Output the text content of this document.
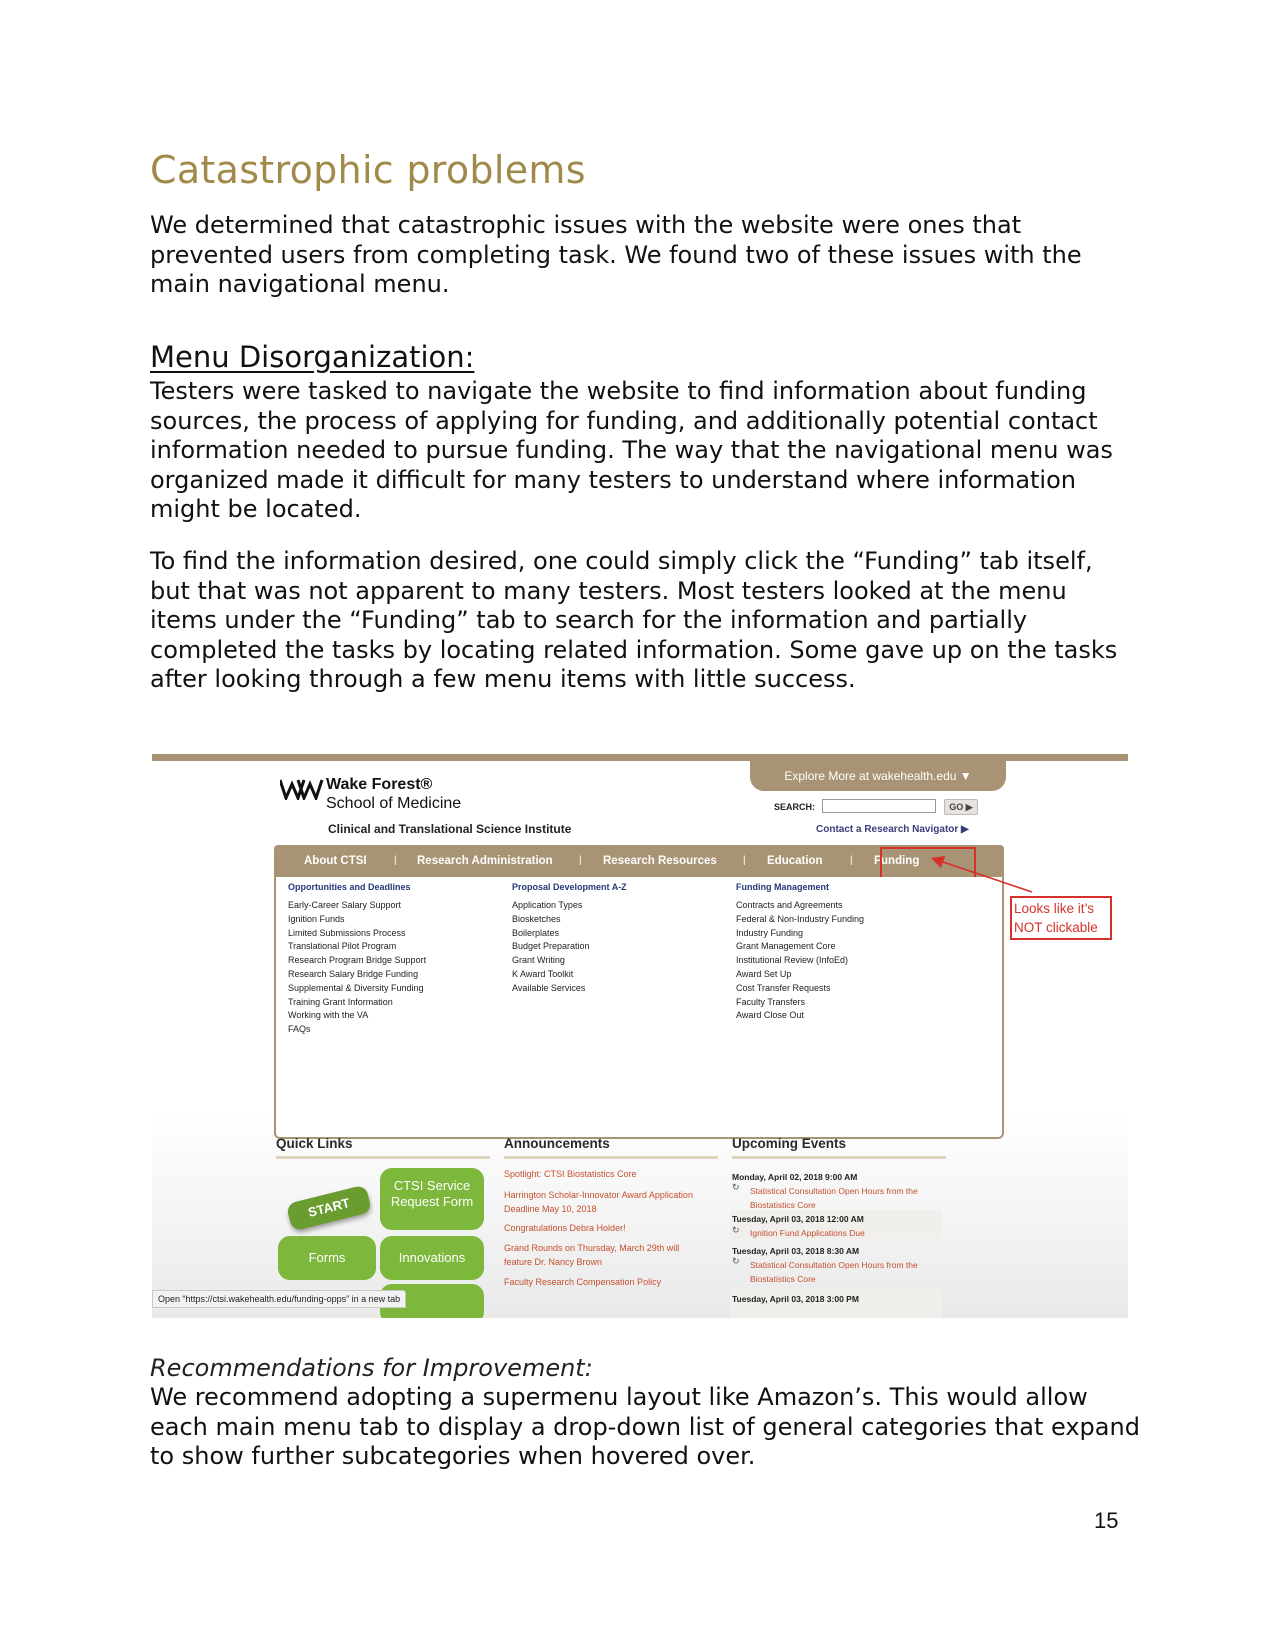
Catastrophic problems

We determined that catastrophic issues with the website were ones that prevented users from completing task. We found two of these issues with the main navigational menu.

Menu Disorganization:

Testers were tasked to navigate the website to find information about funding sources, the process of applying for funding, and additionally potential contact information needed to pursue funding. The way that the navigational menu was organized made it difficult for many testers to understand where information might be located.

To find the information desired, one could simply click the “Funding” tab itself, but that was not apparent to many testers. Most testers looked at the menu items under the “Funding” tab to search for the information and partially completed the tasks by locating related information. Some gave up on the tasks after looking through a few menu items with little success.

Explore More at wakehealth.edu ▼
Wake Forest®
School of Medicine
Clinical and Translational Science Institute
SEARCH:	GO ▶
Contact a Research Navigator ▶
About CTSI	| Research Administration	| Research Resources	| Education	| Funding
Opportunities and Deadlines
Early-Career Salary Support
Ignition Funds
Limited Submissions Process
Translational Pilot Program
Research Program Bridge Support
Research Salary Bridge Funding
Supplemental & Diversity Funding
Training Grant Information
Working with the VA
FAQs
Proposal Development A-Z
Application Types
Biosketches
Boilerplates
Budget Preparation
Grant Writing
K Award Toolkit
Available Services
Funding Management
Contracts and Agreements
Federal & Non-Industry Funding
Industry Funding
Grant Management Core
Institutional Review (InfoEd)
Award Set Up
Cost Transfer Requests
Faculty Transfers
Award Close Out
Looks like it’s
NOT clickable
Quick Links	Announcements	Upcoming Events
START
CTSI Service
Request Form
Forms	Innovations
Spotlight: CTSI Biostatistics Core
Harrington Scholar-Innovator Award Application Deadline May 10, 2018
Congratulations Debra Holder!
Grand Rounds on Thursday, March 29th will feature Dr. Nancy Brown
Faculty Research Compensation Policy
Monday, April 02, 2018 9:00 AM
↻ Statistical Consultation Open Hours from the Biostatistics Core
Tuesday, April 03, 2018 12:00 AM
↻ Ignition Fund Applications Due
Tuesday, April 03, 2018 8:30 AM
↻ Statistical Consultation Open Hours from the Biostatistics Core
Tuesday, April 03, 2018 3:00 PM
Open “https://ctsi.wakehealth.edu/funding-opps” in a new tab
Recommendations for Improvement:

We recommend adopting a supermenu layout like Amazon’s. This would allow each main menu tab to display a drop-down list of general categories that expand to show further subcategories when hovered over.

15
